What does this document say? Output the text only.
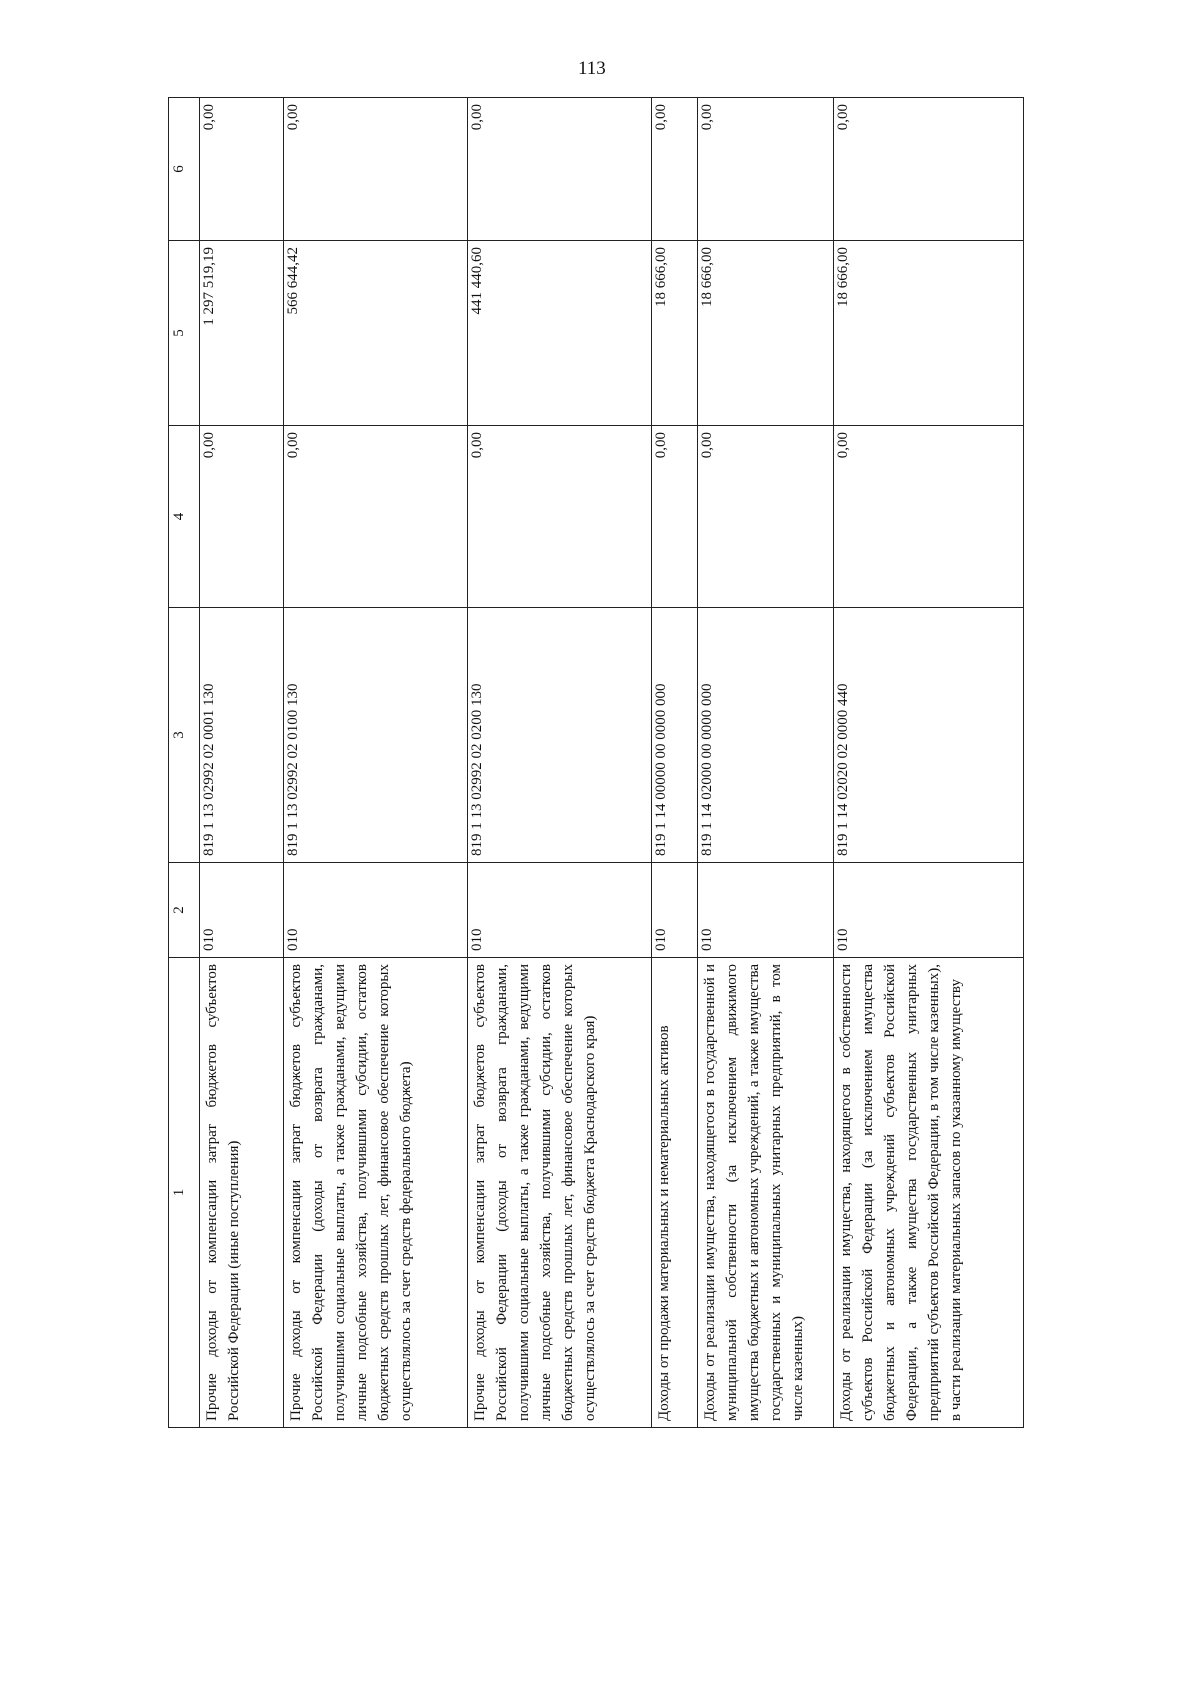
113
1	2	3	4	5	6
Прочие доходы от компенсации затрат бюджетов субъектов Российской Федерации (иные поступления)	010	819 1 13 02992 02 0001 130	0,00	1 297 519,19	0,00
Прочие доходы от компенсации затрат бюджетов субъектов Российской Федерации (доходы от возврата гражданами, получившими социальные выплаты, а также гражданами, ведущими личные подсобные хозяйства, получившими субсидии, остатков бюджетных средств прошлых лет, финансовое обеспечение которых осуществлялось за счет средств федерального бюджета)	010	819 1 13 02992 02 0100 130	0,00	566 644,42	0,00
Прочие доходы от компенсации затрат бюджетов субъектов Российской Федерации (доходы от возврата гражданами, получившими социальные выплаты, а также гражданами, ведущими личные подсобные хозяйства, получившими субсидии, остатков бюджетных средств прошлых лет, финансовое обеспечение которых осуществлялось за счет средств бюджета Краснодарского края)	010	819 1 13 02992 02 0200 130	0,00	441 440,60	0,00
Доходы от продажи материальных и нематериальных активов	010	819 1 14 00000 00 0000 000	0,00	18 666,00	0,00
Доходы от реализации имущества, находящегося в государственной и муниципальной собственности (за исключением движимого имущества бюджетных и автономных учреждений, а также имущества государственных и муниципальных унитарных предприятий, в том числе казенных)	010	819 1 14 02000 00 0000 000	0,00	18 666,00	0,00
Доходы от реализации имущества, находящегося в собственности субъектов Российской Федерации (за исключением имущества бюджетных и автономных учреждений субъектов Российской Федерации, а также имущества государственных унитарных предприятий субъектов Российской Федерации, в том числе казенных), в части реализации материальных запасов по указанному имуществу	010	819 1 14 02020 02 0000 440	0,00	18 666,00	0,00
